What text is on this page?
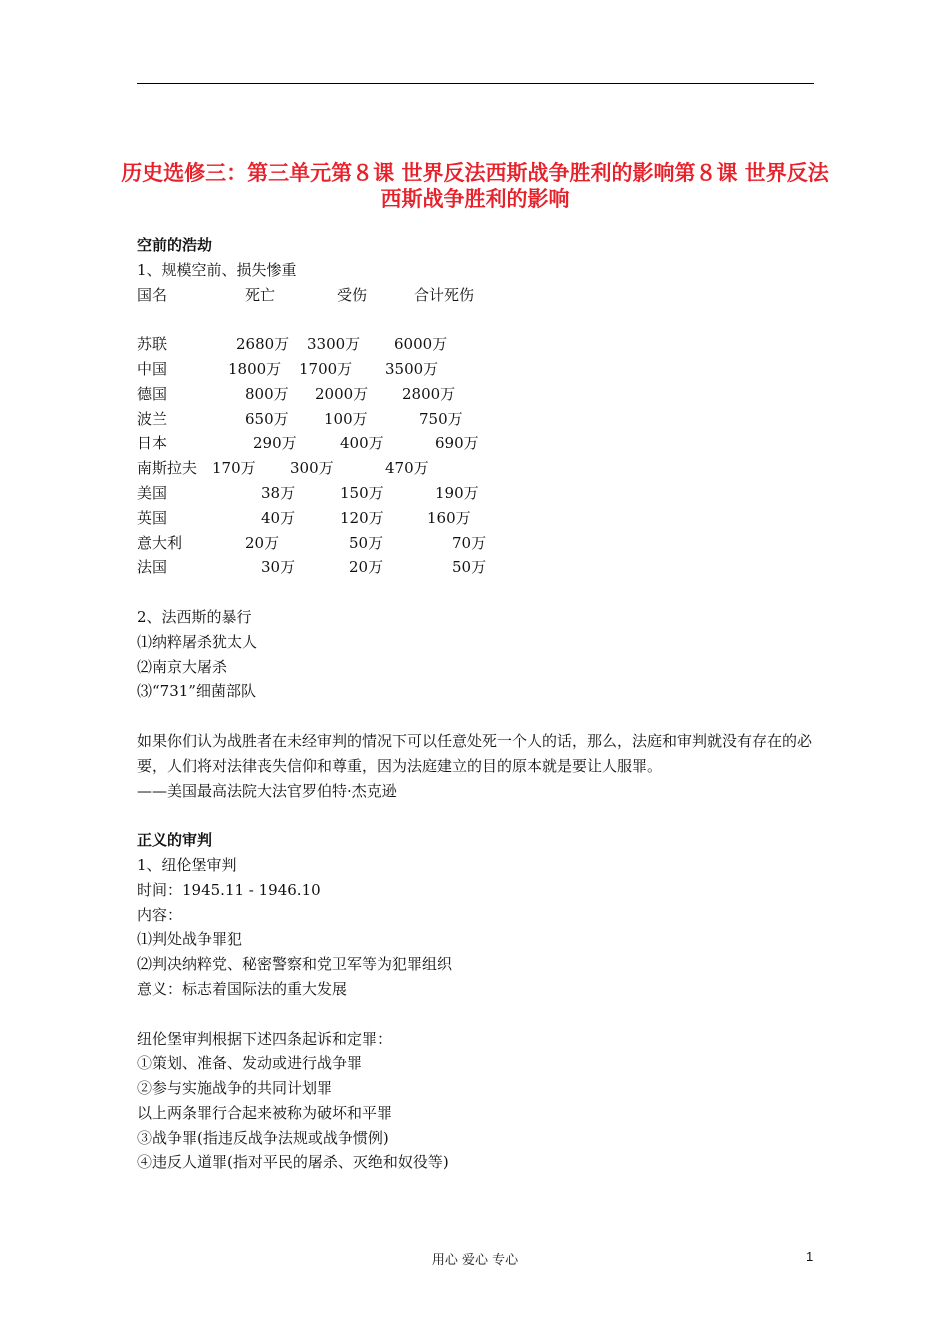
历史选修三：第三单元第８课 世界反法西斯战争胜利的影响第８课 世界反法西斯战争胜利的影响
空前的浩劫
1、规模空前、损失惨重
国名	死亡	受伤	合计死伤
苏联	2680万 3300万 6000万
中国	1800万 1700万 3500万
德国	800万 2000万 2800万
波兰	650万 100万	750万
日本	290万	400万	690万
南斯拉夫 170万 300万	470万
美国	38万	150万	190万
英国	40万	120万	160万
意大利	20万	50万	70万
法国	30万	20万	50万
2、法西斯的暴行
⑴纳粹屠杀犹太人
⑵南京大屠杀
⑶“731”细菌部队
如果你们认为战胜者在未经审判的情况下可以任意处死一个人的话，那么，法庭和审判就没有存在的必要，人们将对法律丧失信仰和尊重，因为法庭建立的目的原本就是要让人服罪。
——美国最高法院大法官罗伯特·杰克逊
正义的审判
1、纽伦堡审判
时间：1945.11 - 1946.10
内容：
⑴判处战争罪犯
⑵判决纳粹党、秘密警察和党卫军等为犯罪组织
意义：标志着国际法的重大发展
纽伦堡审判根据下述四条起诉和定罪：
①策划、准备、发动或进行战争罪
②参与实施战争的共同计划罪
以上两条罪行合起来被称为破坏和平罪
③战争罪(指违反战争法规或战争惯例)
④违反人道罪(指对平民的屠杀、灭绝和奴役等)
用心 爱心 专心	1
